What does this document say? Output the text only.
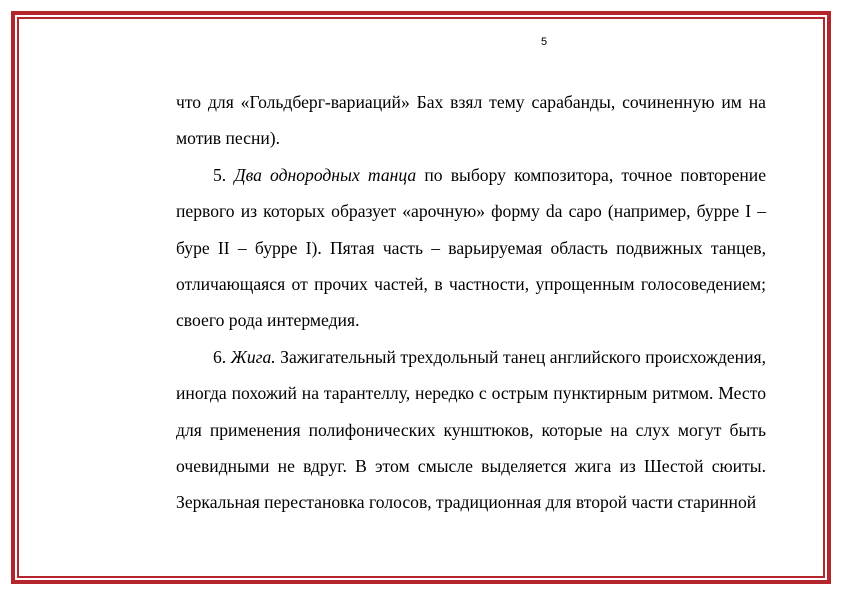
5

что для «Гольдберг-вариаций» Бах взял тему сарабанды, сочиненную им на мотив песни).

5. Два однородных танца по выбору композитора, точное повторение первого из которых образует «арочную» форму da capo (например, бурре I – буре II – бурре I). Пятая часть – варьируемая область подвижных танцев, отличающаяся от прочих частей, в частности, упрощенным голосоведением; своего рода интермедия.

6. Жига. Зажигательный трехдольный танец английского происхождения, иногда похожий на тарантеллу, нередко с острым пунктирным ритмом. Место для применения полифонических кунштюков, которые на слух могут быть очевидными не вдруг. В этом смысле выделяется жига из Шестой сюиты. Зеркальная перестановка голосов, традиционная для второй части старинной
